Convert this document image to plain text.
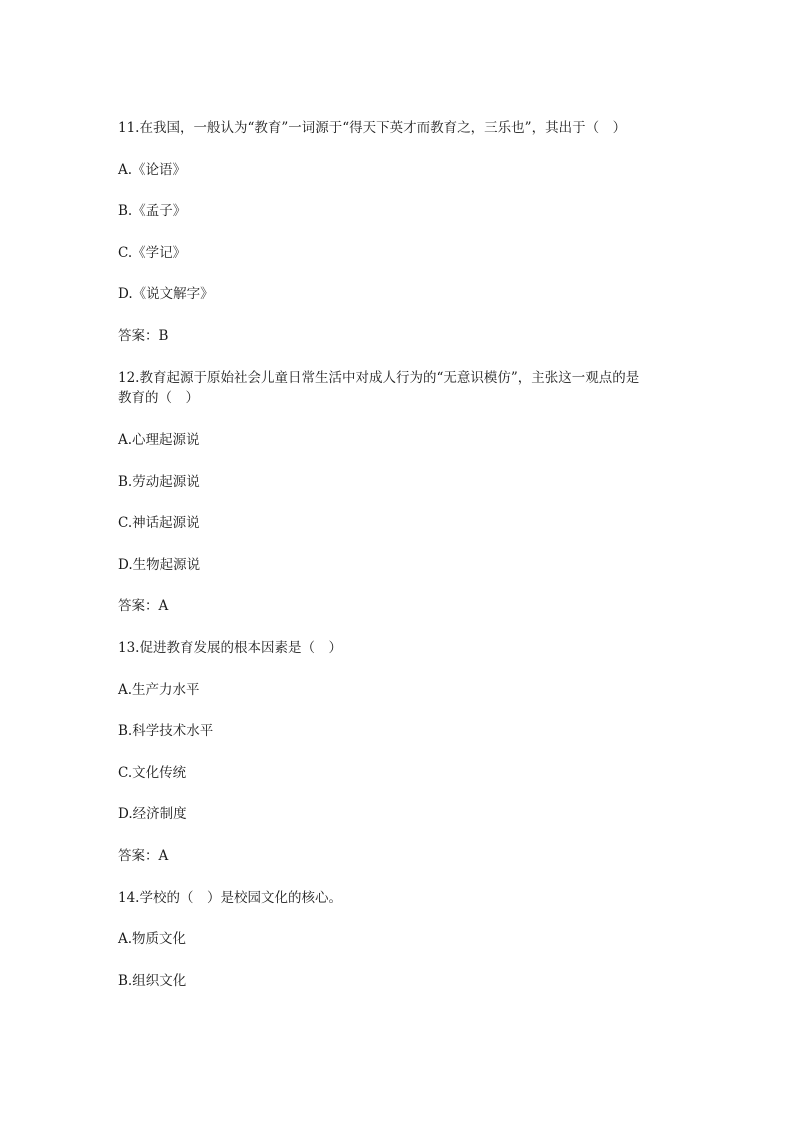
11.在我国，一般认为“教育”一词源于“得天下英才而教育之，三乐也”，其出于（　）
A.《论语》
B.《孟子》
C.《学记》
D.《说文解字》
答案：B
12.教育起源于原始社会儿童日常生活中对成人行为的“无意识模仿”，主张这一观点的是
教育的（　）
A.心理起源说
B.劳动起源说
C.神话起源说
D.生物起源说
答案：A
13.促进教育发展的根本因素是（　）
A.生产力水平
B.科学技术水平
C.文化传统
D.经济制度
答案：A
14.学校的（　）是校园文化的核心。
A.物质文化
B.组织文化
